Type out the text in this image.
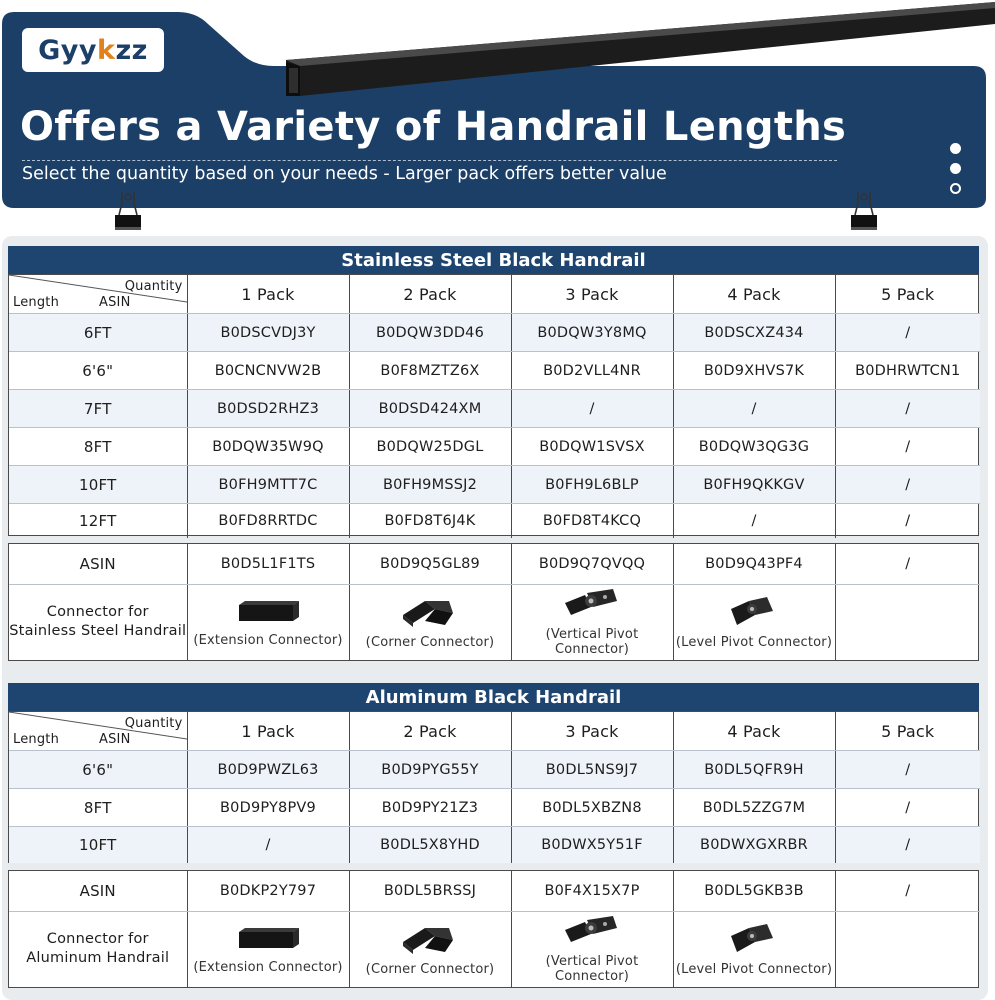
Gyy k zz
Offers a Variety of Handrail Lengths
Select the quantity based on your needs - Larger pack offers better value
Stainless Steel Black Handrail
Quantity
Length ASIN	1 Pack	2 Pack	3 Pack	4 Pack	5 Pack
6FT	B0DSCVDJ3Y	B0DQW3DD46	B0DQW3Y8MQ	B0DSCXZ434	/
6'6"	B0CNCNVW2B	B0F8MZTZ6X	B0D2VLL4NR	B0D9XHVS7K	B0DHRWTCN1
7FT	B0DSD2RHZ3	B0DSD424XM	/	/	/
8FT	B0DQW35W9Q	B0DQW25DGL	B0DQW1SVSX	B0DQW3QG3G	/
10FT	B0FH9MTT7C	B0FH9MSSJ2	B0FH9L6BLP	B0FH9QKKGV	/
12FT	B0FD8RRTDC	B0FD8T6J4K	B0FD8T4KCQ	/	/
ASIN	B0D5L1F1TS	B0D9Q5GL89	B0D9Q7QVQQ	B0D9Q43PF4	/

Connector for
Stainless Steel Handrail	(Extension Connector)	(Corner Connector)	(Vertical Pivot Connector)	(Level Pivot Connector)	

Aluminum Black Handrail
Quantity
Length ASIN	1 Pack	2 Pack	3 Pack	4 Pack	5 Pack
6'6"	B0D9PWZL63	B0D9PYG55Y	B0DL5NS9J7	B0DL5QFR9H	/
8FT	B0D9PY8PV9	B0D9PY21Z3	B0DL5XBZN8	B0DL5ZZG7M	/
10FT	/	B0DL5X8YHD	B0DWX5Y51F	B0DWXGXRBR	/
ASIN	B0DKP2Y797	B0DL5BRSSJ	B0F4X15X7P	B0DL5GKB3B	/

Connector for
Aluminum Handrail	(Extension Connector)	(Corner Connector)	(Vertical Pivot Connector)	(Level Pivot Connector)	
